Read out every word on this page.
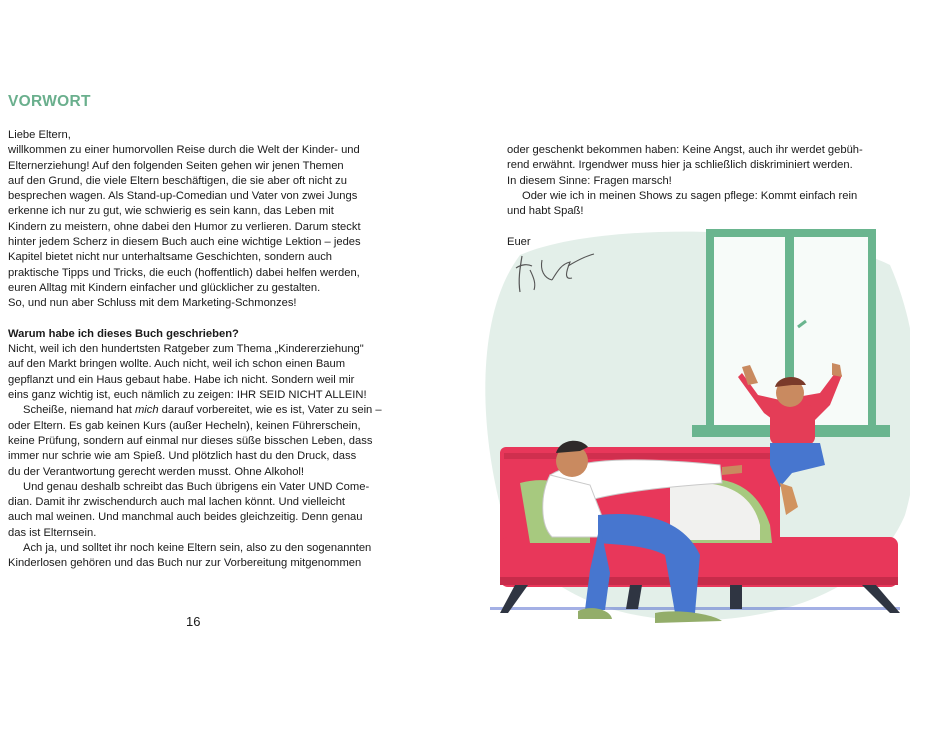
VORWORT
Liebe Eltern,
willkommen zu einer humorvollen Reise durch die Welt der Kinder- und
Elternerziehung! Auf den folgenden Seiten gehen wir jenen Themen
auf den Grund, die viele Eltern beschäftigen, die sie aber oft nicht zu
besprechen wagen. Als Stand-up-Comedian und Vater von zwei Jungs
erkenne ich nur zu gut, wie schwierig es sein kann, das Leben mit
Kindern zu meistern, ohne dabei den Humor zu verlieren. Darum steckt
hinter jedem Scherz in diesem Buch auch eine wichtige Lektion – jedes
Kapitel bietet nicht nur unterhaltsame Geschichten, sondern auch
praktische Tipps und Tricks, die euch (hoffentlich) dabei helfen werden,
euren Alltag mit Kindern einfacher und glücklicher zu gestalten.
So, und nun aber Schluss mit dem Marketing-Schmonzes!
Warum habe ich dieses Buch geschrieben?
Nicht, weil ich den hundertsten Ratgeber zum Thema „Kindererziehung"
auf den Markt bringen wollte. Auch nicht, weil ich schon einen Baum
gepflanzt und ein Haus gebaut habe. Habe ich nicht. Sondern weil mir
eins ganz wichtig ist, euch nämlich zu zeigen: IHR SEID NICHT ALLEIN!
Scheiße, niemand hat mich darauf vorbereitet, wie es ist, Vater zu sein –
oder Eltern. Es gab keinen Kurs (außer Hecheln), keinen Führerschein,
keine Prüfung, sondern auf einmal nur dieses süße bisschen Leben, dass
immer nur schrie wie am Spieß. Und plötzlich hast du den Druck, dass
du der Verantwortung gerecht werden musst. Ohne Alkohol!
Und genau deshalb schreibt das Buch übrigens ein Vater UND Come-
dian. Damit ihr zwischendurch auch mal lachen könnt. Und vielleicht
auch mal weinen. Und manchmal auch beides gleichzeitig. Denn genau
das ist Elternsein.
Ach ja, und solltet ihr noch keine Eltern sein, also zu den sogenannten
Kinderlosen gehören und das Buch nur zur Vorbereitung mitgenommen
16
oder geschenkt bekommen haben: Keine Angst, auch ihr werdet gebüh-
rend erwähnt. Irgendwer muss hier ja schließlich diskriminiert werden.
In diesem Sinne: Fragen marsch!
Oder wie ich in meinen Shows zu sagen pflege: Kommt einfach rein
und habt Spaß!
Euer
